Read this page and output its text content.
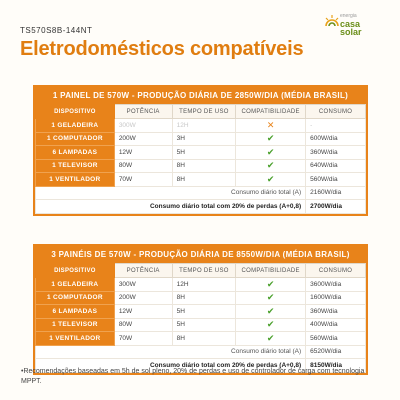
TS570S8B-144NT
Eletrodomésticos compatíveis
energia
casa
solar
1 PAINEL DE 570W - PRODUÇÃO DIÁRIA DE 2850W/DIA (MÉDIA BRASIL)
DISPOSITIVO	POTÊNCIA	TEMPO DE USO	COMPATIBILIDADE	CONSUMO
1 GELADEIRA	300W	12H	✕	-
1 COMPUTADOR	200W	3H	✔	600W/dia
6 LAMPADAS	12W	5H	✔	360W/dia
1 TELEVISOR	80W	8H	✔	640W/dia
1 VENTILADOR	70W	8H	✔	560W/dia
Consumo diário total (A)				2160W/dia
Consumo diário total com 20% de perdas (A+0,8)				2700W/dia
3 PAINÉIS DE 570W - PRODUÇÃO DIÁRIA DE 8550W/DIA (MÉDIA BRASIL)
DISPOSITIVO	POTÊNCIA	TEMPO DE USO	COMPATIBILIDADE	CONSUMO
1 GELADEIRA	300W	12H	✔	3600W/dia
1 COMPUTADOR	200W	8H	✔	1600W/dia
6 LAMPADAS	12W	5H	✔	360W/dia
1 TELEVISOR	80W	5H	✔	400W/dia
1 VENTILADOR	70W	8H	✔	560W/dia
Consumo diário total (A)				6520W/dia
Consumo diário total com 20% de perdas (A+0,8)				8150W/dia
•Recomendações baseadas em 5h de sol pleno, 20% de perdas e uso de controlador de carga com tecnologia MPPT.
